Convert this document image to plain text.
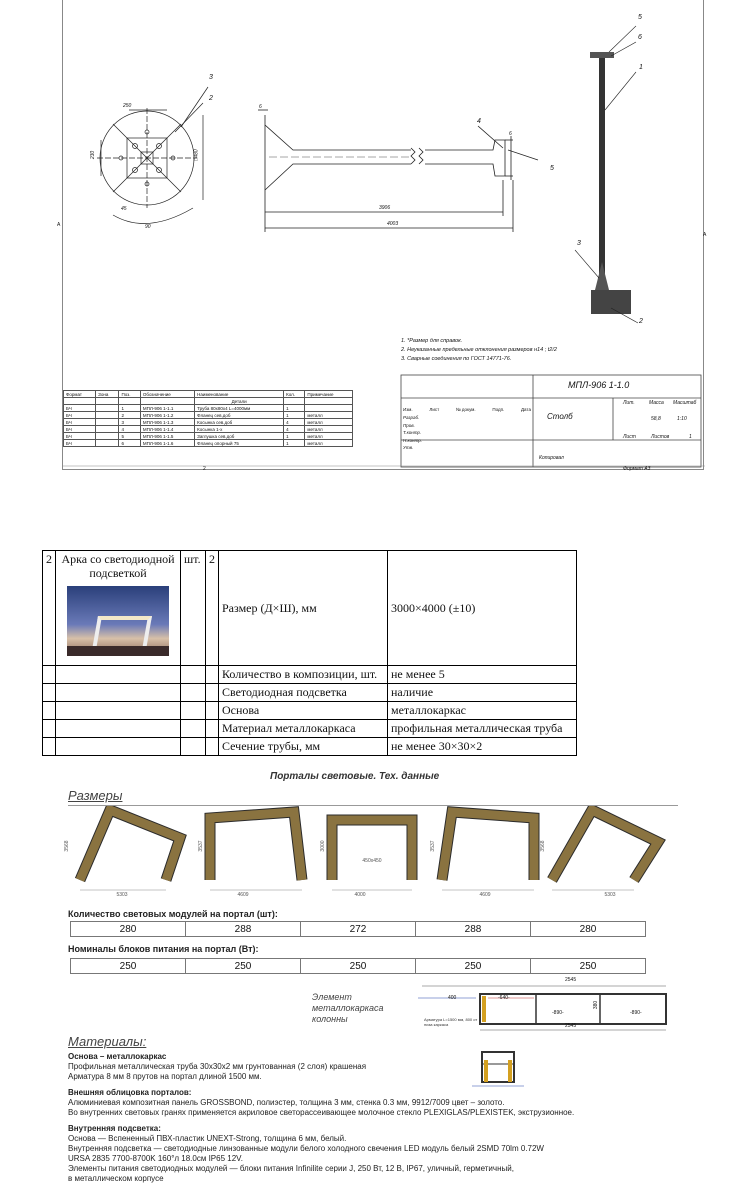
3
2
4
5
5
6
1
3
2
250
230	□480
45
90
6
6
3906
4003
A
A
1. *Размер для справок.
2. Неуказанные предельные отклонения размеров н14 ; t2/2
3. Сварные соединения по ГОСТ 14771-76.
Формат	Зона	Поз.	Обозначение	Наименование	Кол.	Примечание
				Детали		
БЧ		1	МПЛ-906 1-1.1	Труба 80х80х4 L=4000мм	1	
БЧ		2	МПЛ-906 1-1.2	Фланец сев.доб	1	металл
БЧ		3	МПЛ-906 1-1.3	Косынка сев.доб	4	металл
БЧ		4	МПЛ-906 1-1.4	Косынка 1-х	4	металл
БЧ		5	МПЛ-906 1-1.5	Заглушка сев.доб	1	металл
БЧ		6	МПЛ-906 1-1.6	Фланец опорный 75	1	металл
МПЛ-906 1-1.0
Столб
Лит.	Масса Масштаб
58,8	1:10
Лист	Листов	1
Копировал
Формат А3
2
Изм.	Лист	№ докум.	Подп.	Дата
Разраб.
Пров.
Т.контр.
Н.контр.
Утв.
2	Арка со светодиодной подсветкой	шт.	2	Размер (Д×Ш), мм	3000×4000 (±10)
				Количество в композиции, шт.	не менее 5
				Светодиодная подсветка	наличие
				Основа	металлокаркас
				Материал металлокаркаса	профильная металлическая труба
				Сечение трубы, мм	не менее 30×30×2
Порталы световые. Тех. данные
Размеры
5303
3568
4609
3537
4000
3000
450х450
4609
3537
5303
3568
Количество световых модулей на портал (шт):
280	288	272	288	280
Номиналы блоков питания на портал (Вт):
250	250	250	250	250
Элемент
металлокаркаса
колонны
2545
2545
-640-
-890-	-890-
380
400
Арматура L=1500 мм, 800 от низа каркаса
Материалы:
Основа – металлокаркас
Профильная металлическая труба 30х30х2 мм грунтованная (2 слоя) крашеная
Арматура 8 мм 8 прутов на портал длиной 1500 мм.
Внешняя облицовка порталов:
Алюминиевая композитная панель GROSSBOND, полиэстер, толщина 3 мм, стенка 0.3 мм, 9912/7009 цвет – золото.
Во внутренних световых гранях применяется акриловое светорассеивающее молочное стекло PLEXIGLAS/PLEXISTEK, экструзионное.
Внутренняя подсветка:
Основа — Вспененный ПВХ-пластик UNEXT-Strong, толщина 6 мм, белый.
Внутренняя подсветка — светодиодные линзованные модули белого холодного свечения LED модуль белый 2SMD 70lm 0.72W
URSA 2835 7700-8700K 160°л 18.0см IP65 12V.
Элементы питания светодиодных модулей — блоки питания Infinilite серии J, 250 Вт, 12 В, IP67, уличный, герметичный,
в металлическом корпусе
